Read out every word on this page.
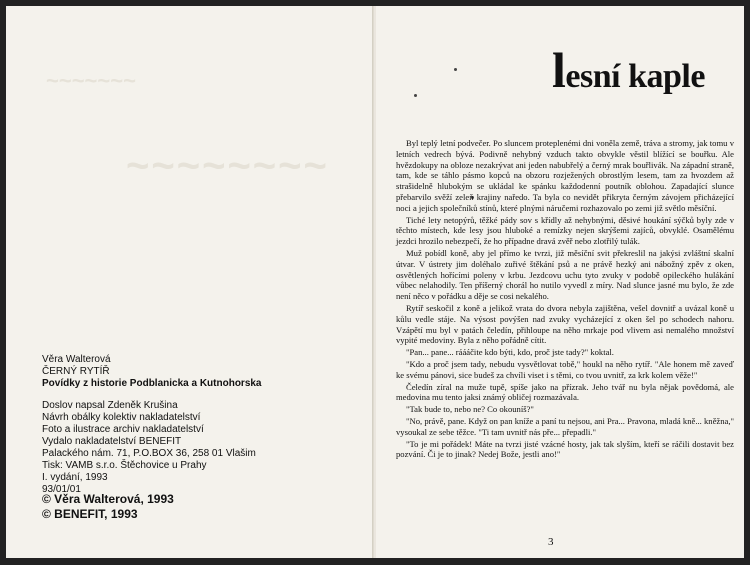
~~~~~~~
~~~~~~~~
Věra Walterová
ČERNÝ RYTÍŘ
Povídky z historie Podblanicka a Kutnohorska
Doslov napsal Zdeněk Krušina
Návrh obálky kolektiv nakladatelství
Foto a ilustrace archiv nakladatelství
Vydalo nakladatelství BENEFIT
Palackého nám. 71, P.O.BOX 36, 258 01 Vlašim
Tisk: VAMB s.r.o. Štěchovice u Prahy
I. vydání, 1993
93/01/01
© Věra Walterová, 1993
© BENEFIT, 1993
lesní kaple

Byl teplý letní podvečer. Po sluncem proteplenémi dni voněla země, tráva a stromy, jak tomu v letních vedrech bývá. Podivně nehybný vzduch takto obvykle věstil blížící se bouřku. Ale hvězdokupy na obloze nezakrývat ani jeden nabubřelý a černý mrak bouřlivák. Na západní straně, tam, kde se táhlo pásmo kopců na obzoru rozježených obrostlým lesem, tam za hvozdem až strašidelně hlubokým se ukládal ke spánku každodenní poutník oblohou. Zapadající slunce přebarvilo svěží zeleň krajiny naředo. Ta byla co nevidět přikryta černým závojem přicházející noci a jejich společníků stínů, které plnými náručemi rozhazovalo po zemi již světlo měsíční.

Tiché lety netopýrů, těžké pády sov s křídly až nehybnými, děsivé houkání sýčků byly zde v těchto místech, kde lesy jsou hluboké a remízky nejen skrýšemi zajíců, obvyklé. Osamělému jezdci hrozilo nebezpečí, že ho případne dravá zvěř nebo zlotřilý tulák.

Muž pobídl koně, aby jel přímo ke tvrzi, již měsíční svit překreslil na jakýsi zvláštní skalní útvar. V ústrety jim doléhalo zuřivé štěkání psů a ne právě hezký ani nábožný zpěv z oken, osvětlených hořícími poleny v krbu. Jezdcovu uchu tyto zvuky v podobě opileckého hulákání vůbec nelahodily. Ten příšerný chorál ho nutilo vyvedl z míry. Nad slunce jasné mu bylo, že zde není něco v pořádku a děje se cosi nekalého.

Rytíř seskočil z koně a jelikož vrata do dvora nebyla zajištěna, vešel dovnitř a uvázal koně u kůlu vedle stáje. Na výsost povýšen nad zvuky vycházející z oken šel po schodech nahoru. Vzápětí mu byl v patách čeledín, přihloupe na něho mrkaje pod vlivem asi nemalého množství vypité medoviny. Byla z něho pořádně cítit.

"Pan... pane... ráááčite kdo býti, kdo, proč jste tady?" koktal.

"Kdo a proč jsem tady, nebudu vysvětlovat tobě," houkl na něho rytíř. "Ale honem mě zaveď ke svému pánovi, sice budeš za chvíli viset i s těmi, co tvou uvnitř, za krk kolem věže!"

Čeledín zíral na muže tupě, spíše jako na přízrak. Jeho tvář nu byla nějak povědomá, ale medovina mu tento jaksi známý obličej rozmazávala.

"Tak bude to, nebo ne? Co okouníš?"

"No, právě, pane. Když on pan kníže a paní tu nejsou, ani Pra... Pravona, mladá kně... kněžna," vysoukal ze sebe těžce. "Ti tam uvnitř nás pře... přepadli."

"To je mi pořádek! Máte na tvrzi jisté vzácné hosty, jak tak slyším, kteří se ráčili dostavit bez pozvání. Či je to jinak? Nedej Bože, jestli ano!"

3
